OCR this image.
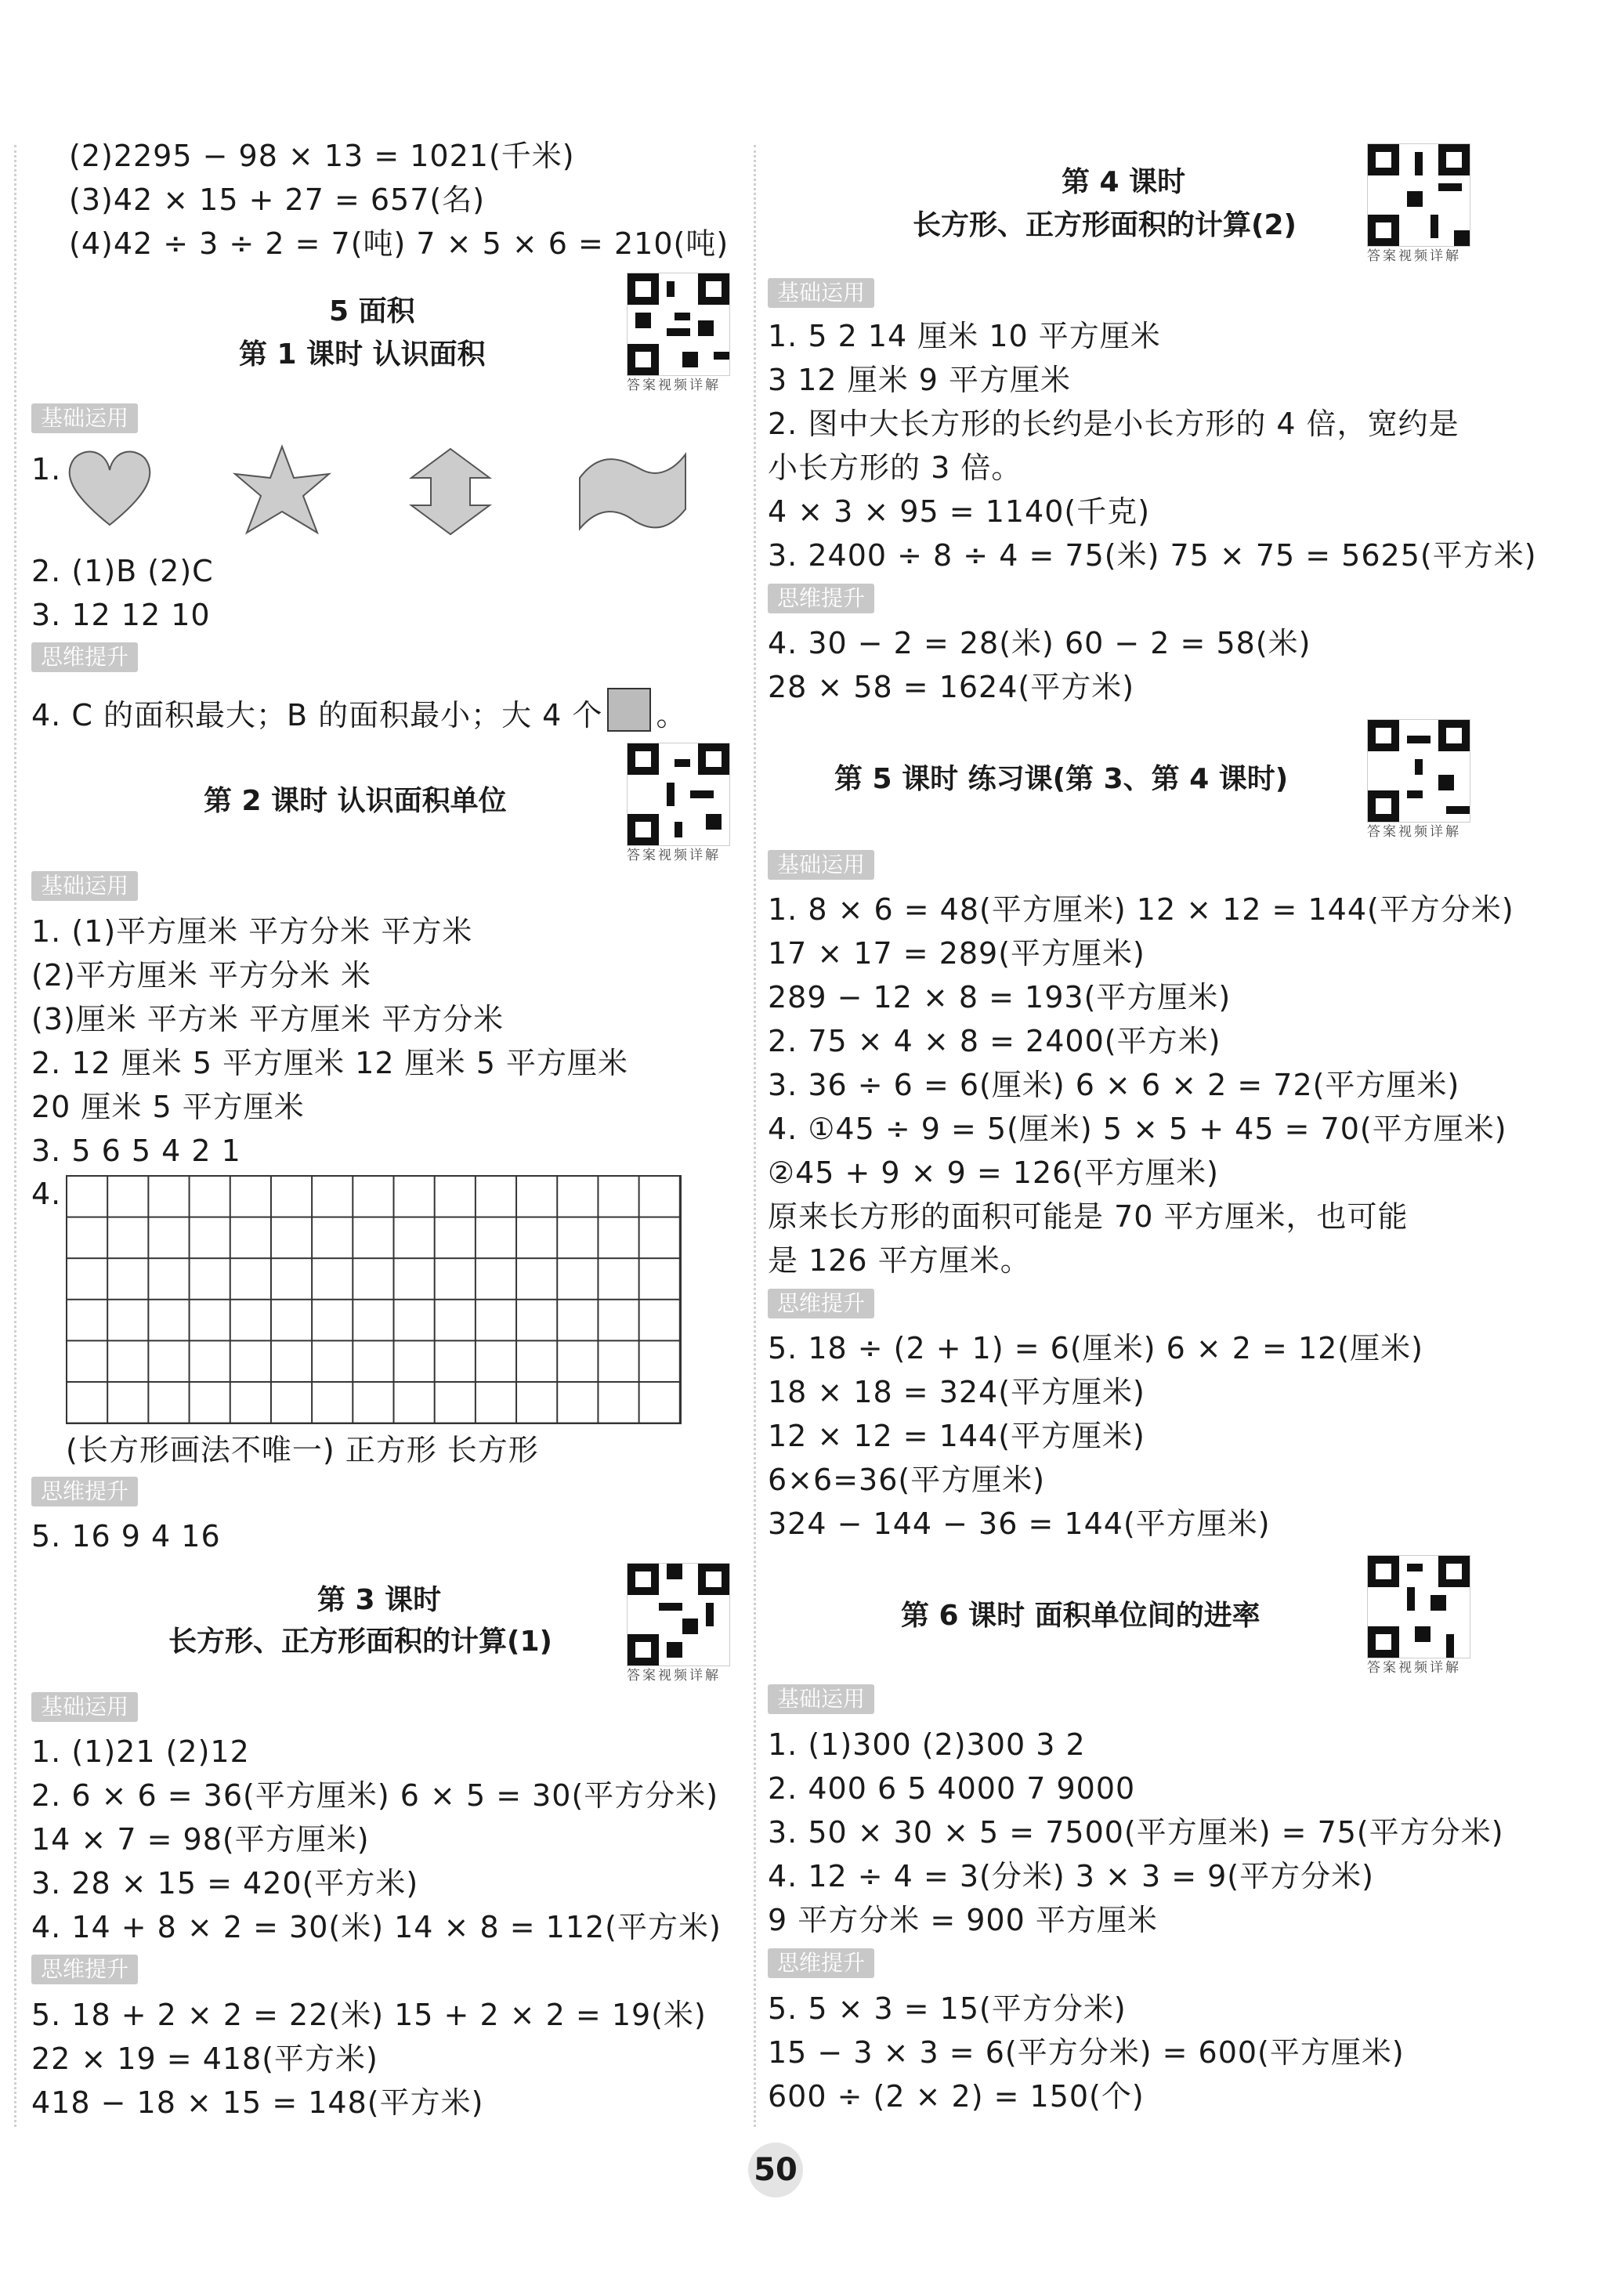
(2)2295 − 98 × 13 = 1021(千米)
(3)42 × 15 + 27 = 657(名)
(4)42 ÷ 3 ÷ 2 = 7(吨) 7 × 5 × 6 = 210(吨)
5 面积
第 1 课时 认识面积
答案视频详解
基础运用
1.
2. (1)B (2)C
3. 12 12 10
思维提升
4. C 的面积最大；B 的面积最小；大 4 个 。
第 2 课时 认识面积单位
答案视频详解
基础运用
1. (1)平方厘米 平方分米 平方米
(2)平方厘米 平方分米 米
(3)厘米 平方米 平方厘米 平方分米
2. 12 厘米 5 平方厘米 12 厘米 5 平方厘米
20 厘米 5 平方厘米
3. 5 6 5 4 2 1
4.
(长方形画法不唯一) 正方形 长方形
思维提升
5. 16 9 4 16
第 3 课时
长方形、正方形面积的计算(1)
答案视频详解
基础运用
1. (1)21 (2)12
2. 6 × 6 = 36(平方厘米) 6 × 5 = 30(平方分米)
14 × 7 = 98(平方厘米)
3. 28 × 15 = 420(平方米)
4. 14 + 8 × 2 = 30(米) 14 × 8 = 112(平方米)
思维提升
5. 18 + 2 × 2 = 22(米) 15 + 2 × 2 = 19(米)
22 × 19 = 418(平方米)
418 − 18 × 15 = 148(平方米)
第 4 课时
长方形、正方形面积的计算(2)
答案视频详解
基础运用
1. 5 2 14 厘米 10 平方厘米
3 12 厘米 9 平方厘米
2. 图中大长方形的长约是小长方形的 4 倍，宽约是
小长方形的 3 倍。
4 × 3 × 95 = 1140(千克)
3. 2400 ÷ 8 ÷ 4 = 75(米) 75 × 75 = 5625(平方米)
思维提升
4. 30 − 2 = 28(米) 60 − 2 = 58(米)
28 × 58 = 1624(平方米)
第 5 课时 练习课(第 3、第 4 课时)
答案视频详解
基础运用
1. 8 × 6 = 48(平方厘米) 12 × 12 = 144(平方分米)
17 × 17 = 289(平方厘米)
289 − 12 × 8 = 193(平方厘米)
2. 75 × 4 × 8 = 2400(平方米)
3. 36 ÷ 6 = 6(厘米) 6 × 6 × 2 = 72(平方厘米)
4. ①45 ÷ 9 = 5(厘米) 5 × 5 + 45 = 70(平方厘米)
②45 + 9 × 9 = 126(平方厘米)
原来长方形的面积可能是 70 平方厘米，也可能
是 126 平方厘米。
思维提升
5. 18 ÷ (2 + 1) = 6(厘米) 6 × 2 = 12(厘米)
18 × 18 = 324(平方厘米)
12 × 12 = 144(平方厘米)
6×6=36(平方厘米)
324 − 144 − 36 = 144(平方厘米)
第 6 课时 面积单位间的进率
答案视频详解
基础运用
1. (1)300 (2)300 3 2
2. 400 6 5 4000 7 9000
3. 50 × 30 × 5 = 7500(平方厘米) = 75(平方分米)
4. 12 ÷ 4 = 3(分米) 3 × 3 = 9(平方分米)
9 平方分米 = 900 平方厘米
思维提升
5. 5 × 3 = 15(平方分米)
15 − 3 × 3 = 6(平方分米) = 600(平方厘米)
600 ÷ (2 × 2) = 150(个)
50
